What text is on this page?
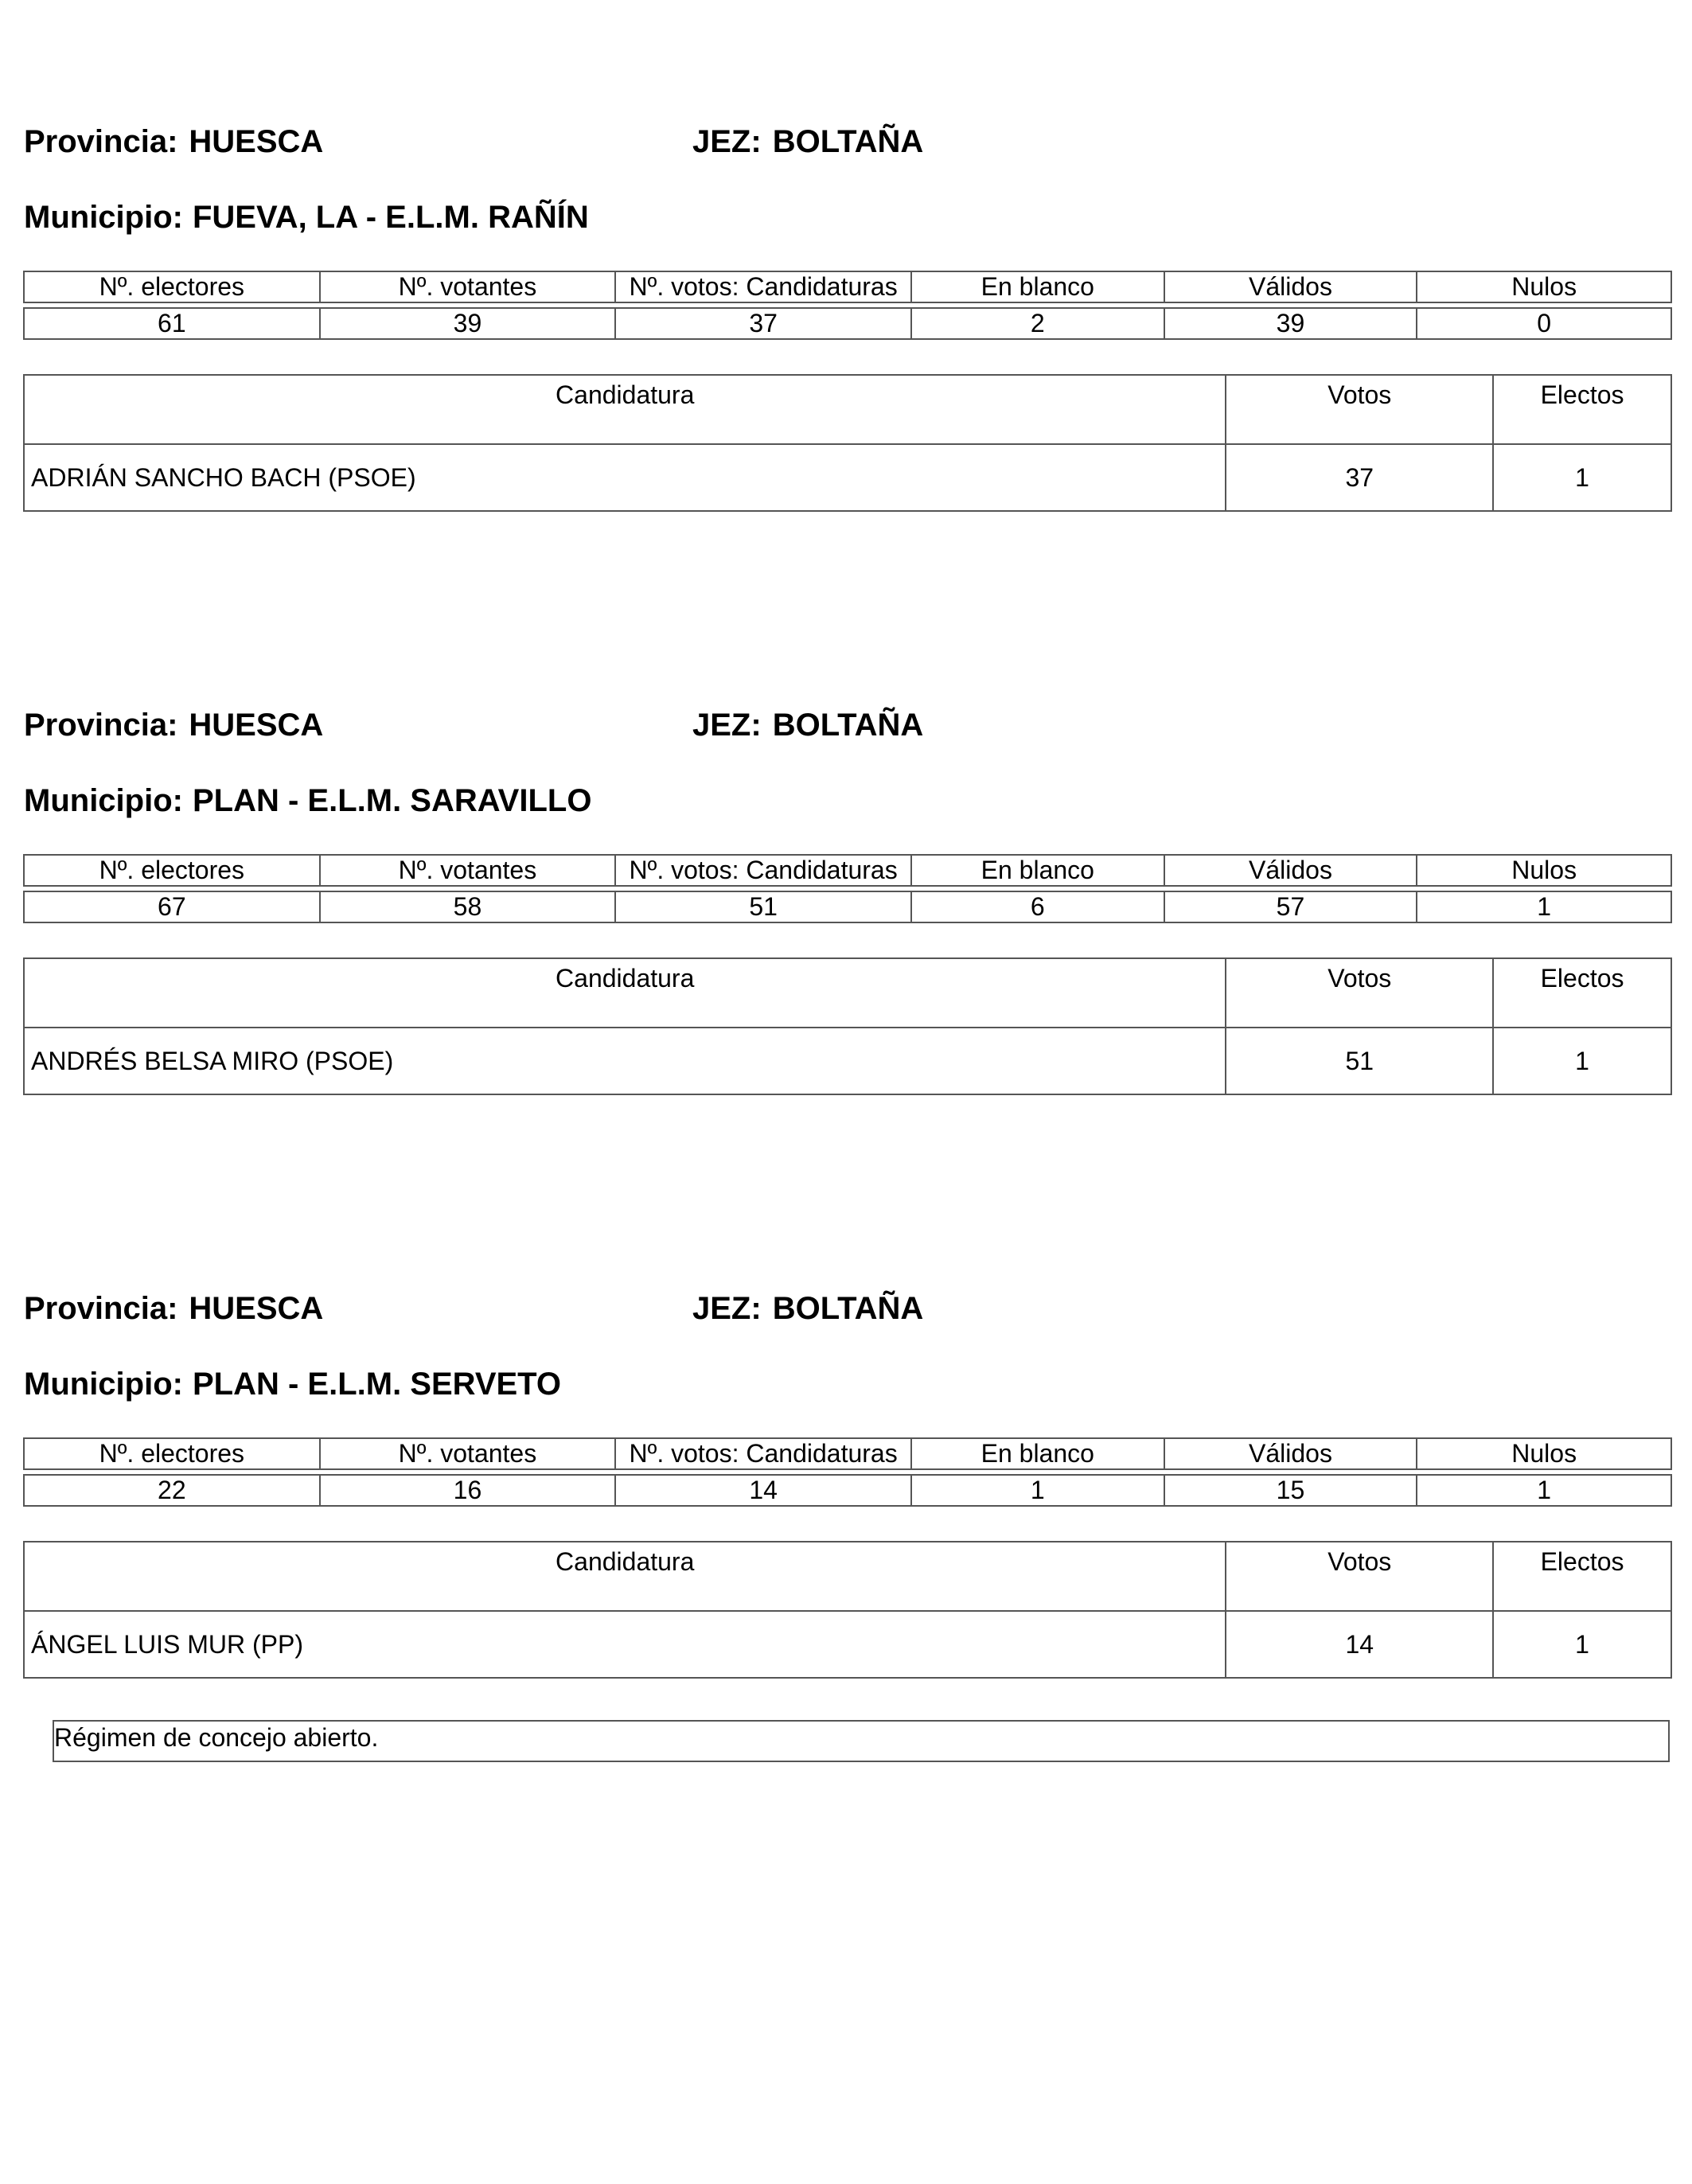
Provincia: HUESCA	JEZ: BOLTAÑA
Municipio: FUEVA, LA - E.L.M. RAÑÍN
Nº. electores	Nº. votantes	Nº. votos: Candidaturas	En blanco	Válidos	Nulos

61	39	37	2	39	0
Candidatura	Votos	Electos
ADRIÁN SANCHO BACH (PSOE)	37	1
Provincia: HUESCA	JEZ: BOLTAÑA
Municipio: PLAN - E.L.M. SARAVILLO
Nº. electores	Nº. votantes	Nº. votos: Candidaturas	En blanco	Válidos	Nulos

67	58	51	6	57	1
Candidatura	Votos	Electos
ANDRÉS BELSA MIRO (PSOE)	51	1
Provincia: HUESCA	JEZ: BOLTAÑA
Municipio: PLAN - E.L.M. SERVETO
Nº. electores	Nº. votantes	Nº. votos: Candidaturas	En blanco	Válidos	Nulos

22	16	14	1	15	1
Candidatura	Votos	Electos
ÁNGEL LUIS MUR (PP)	14	1
Régimen de concejo abierto.
